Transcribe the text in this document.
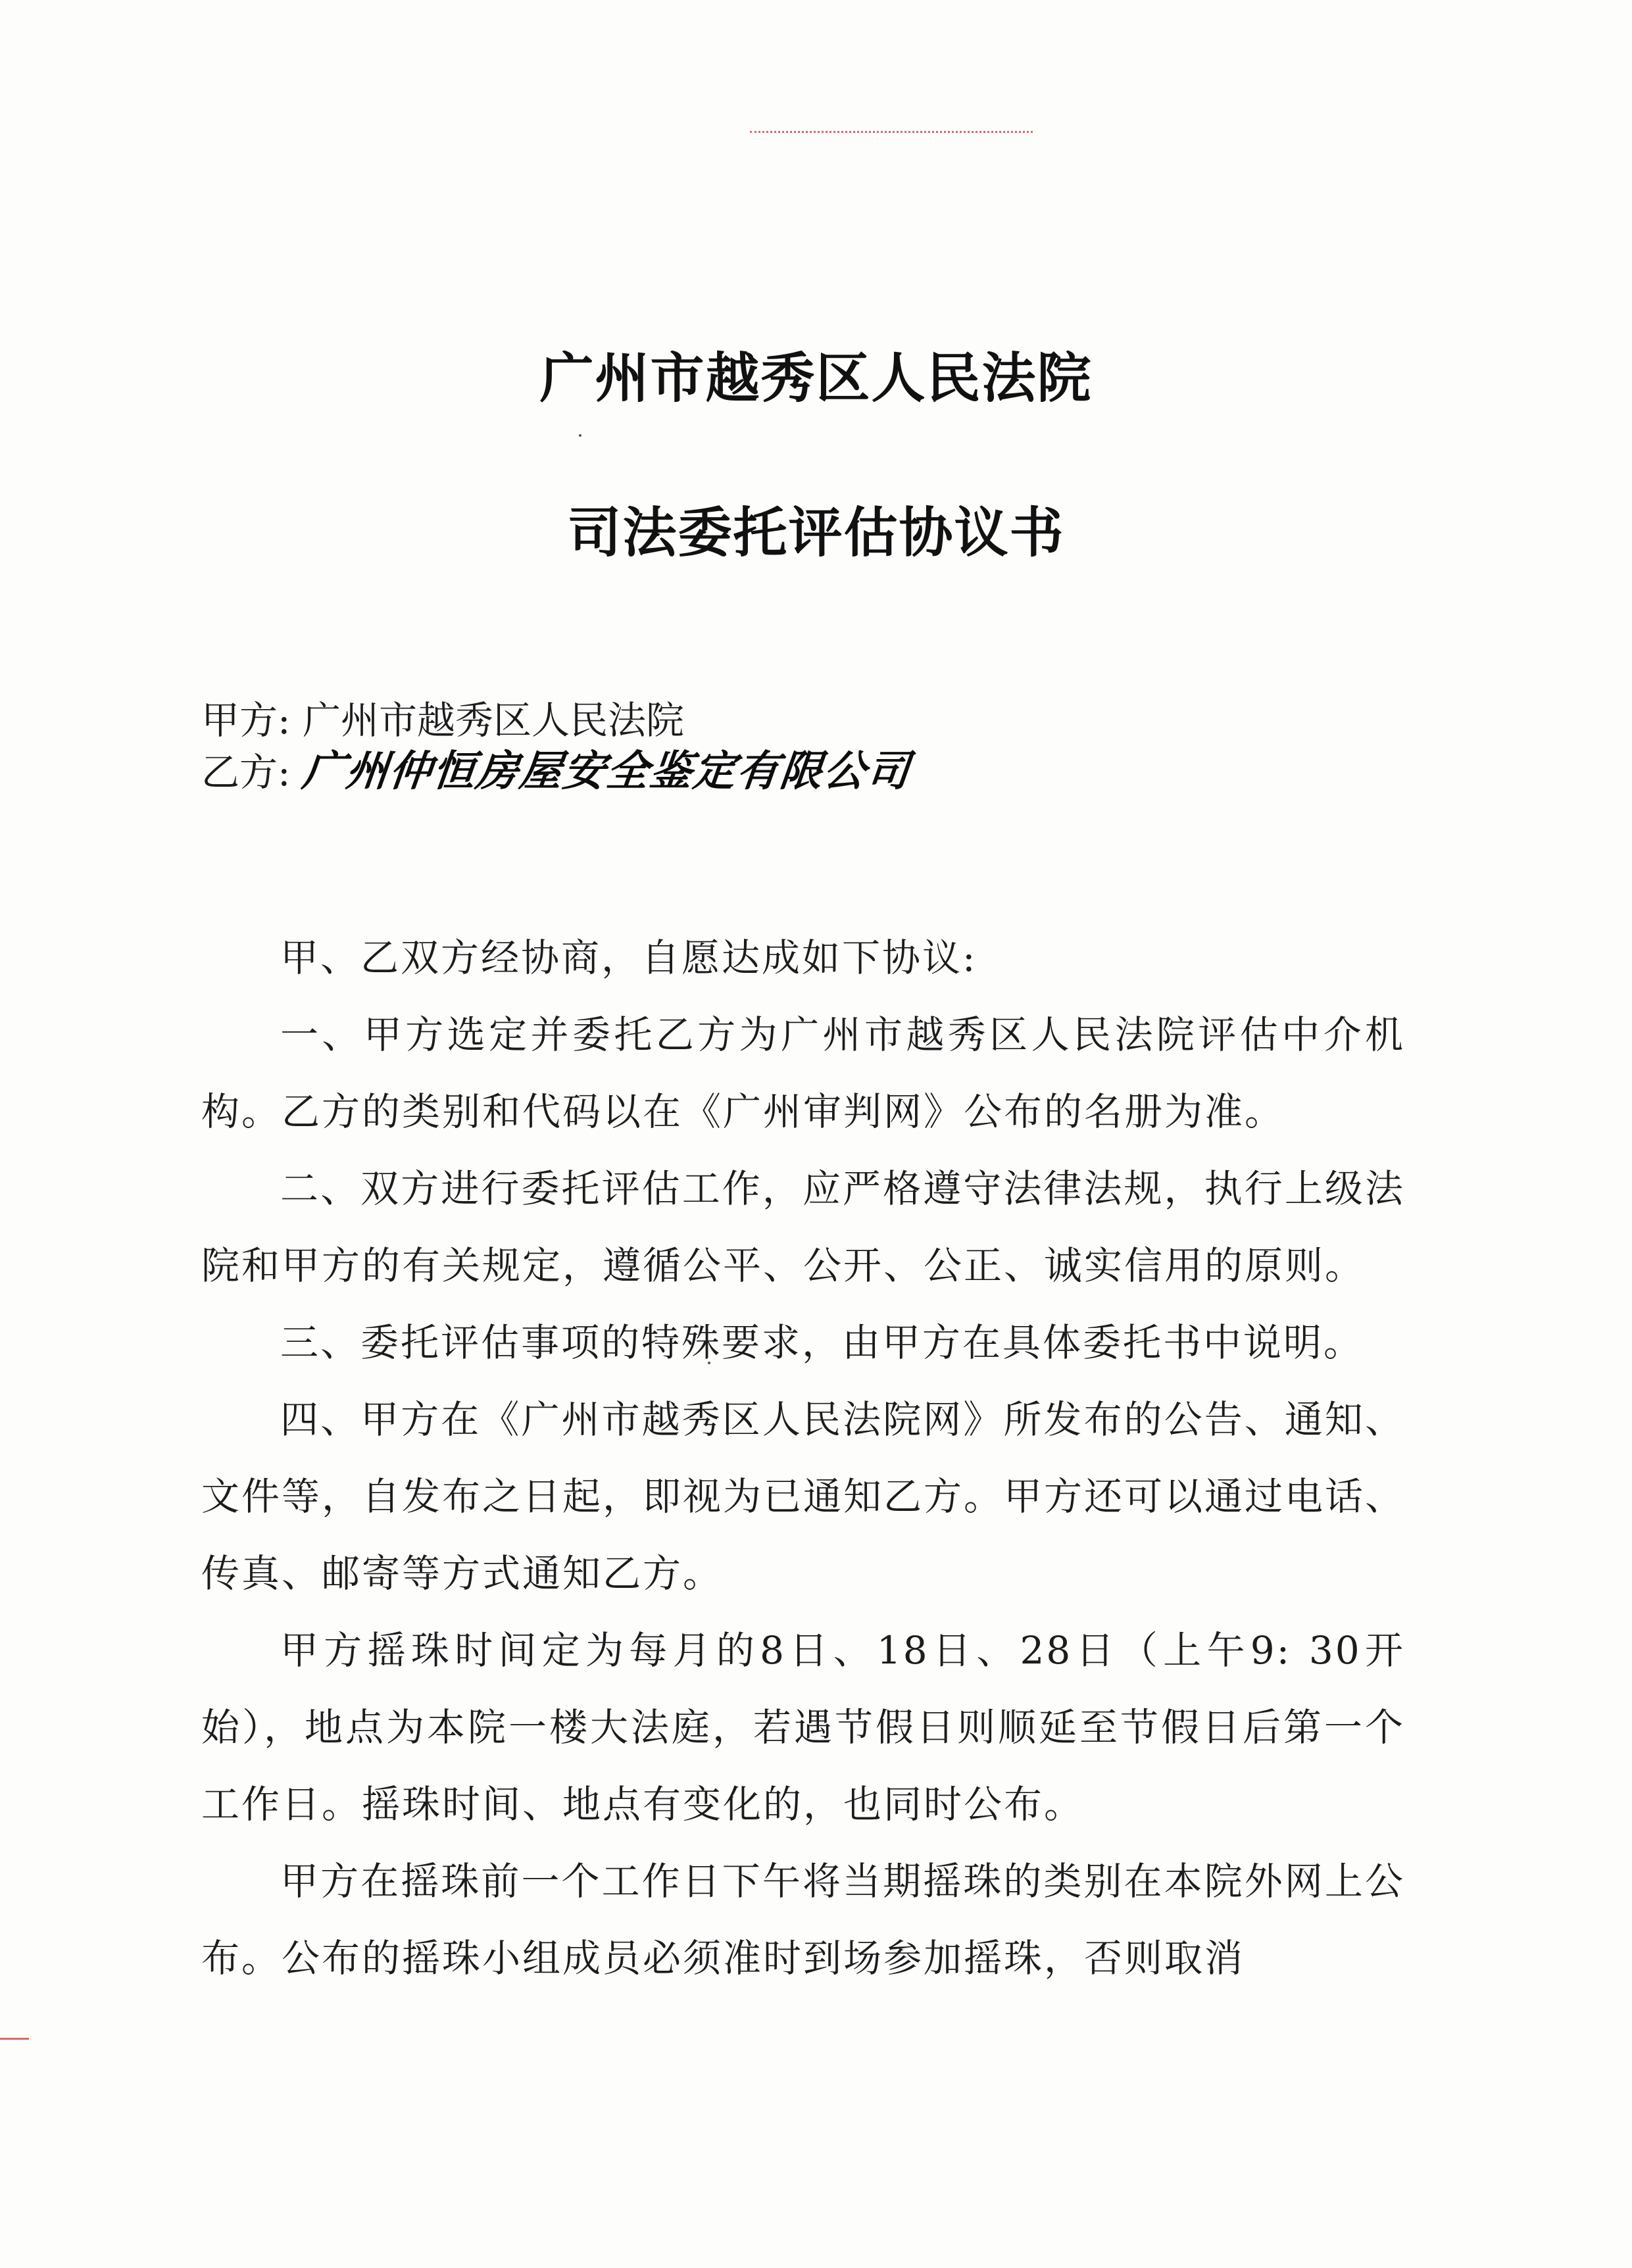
广州市越秀区人民法院
司法委托评估协议书
甲方: 广州市越秀区人民法院
乙方: 广州仲恒房屋安全鉴定有限公司

甲、乙双方经协商，自愿达成如下协议:

一、甲方选定并委托乙方为广州市越秀区人民法院评估中介机构。乙方的类别和代码以在《广州审判网》公布的名册为准。

二、双方进行委托评估工作，应严格遵守法律法规，执行上级法院和甲方的有关规定，遵循公平、公开、公正、诚实信用的原则。

三、委托评估事项的特殊要求，由甲方在具体委托书中说明。

四、甲方在《广州市越秀区人民法院网》所发布的公告、通知、文件等，自发布之日起，即视为已通知乙方。甲方还可以通过电话、传真、邮寄等方式通知乙方。

甲方摇珠时间定为每月的8日、18日、28日（上午9: 30开始），地点为本院一楼大法庭，若遇节假日则顺延至节假日后第一个工作日。摇珠时间、地点有变化的，也同时公布。

甲方在摇珠前一个工作日下午将当期摇珠的类别在本院外网上公布。公布的摇珠小组成员必须准时到场参加摇珠，否则取消
